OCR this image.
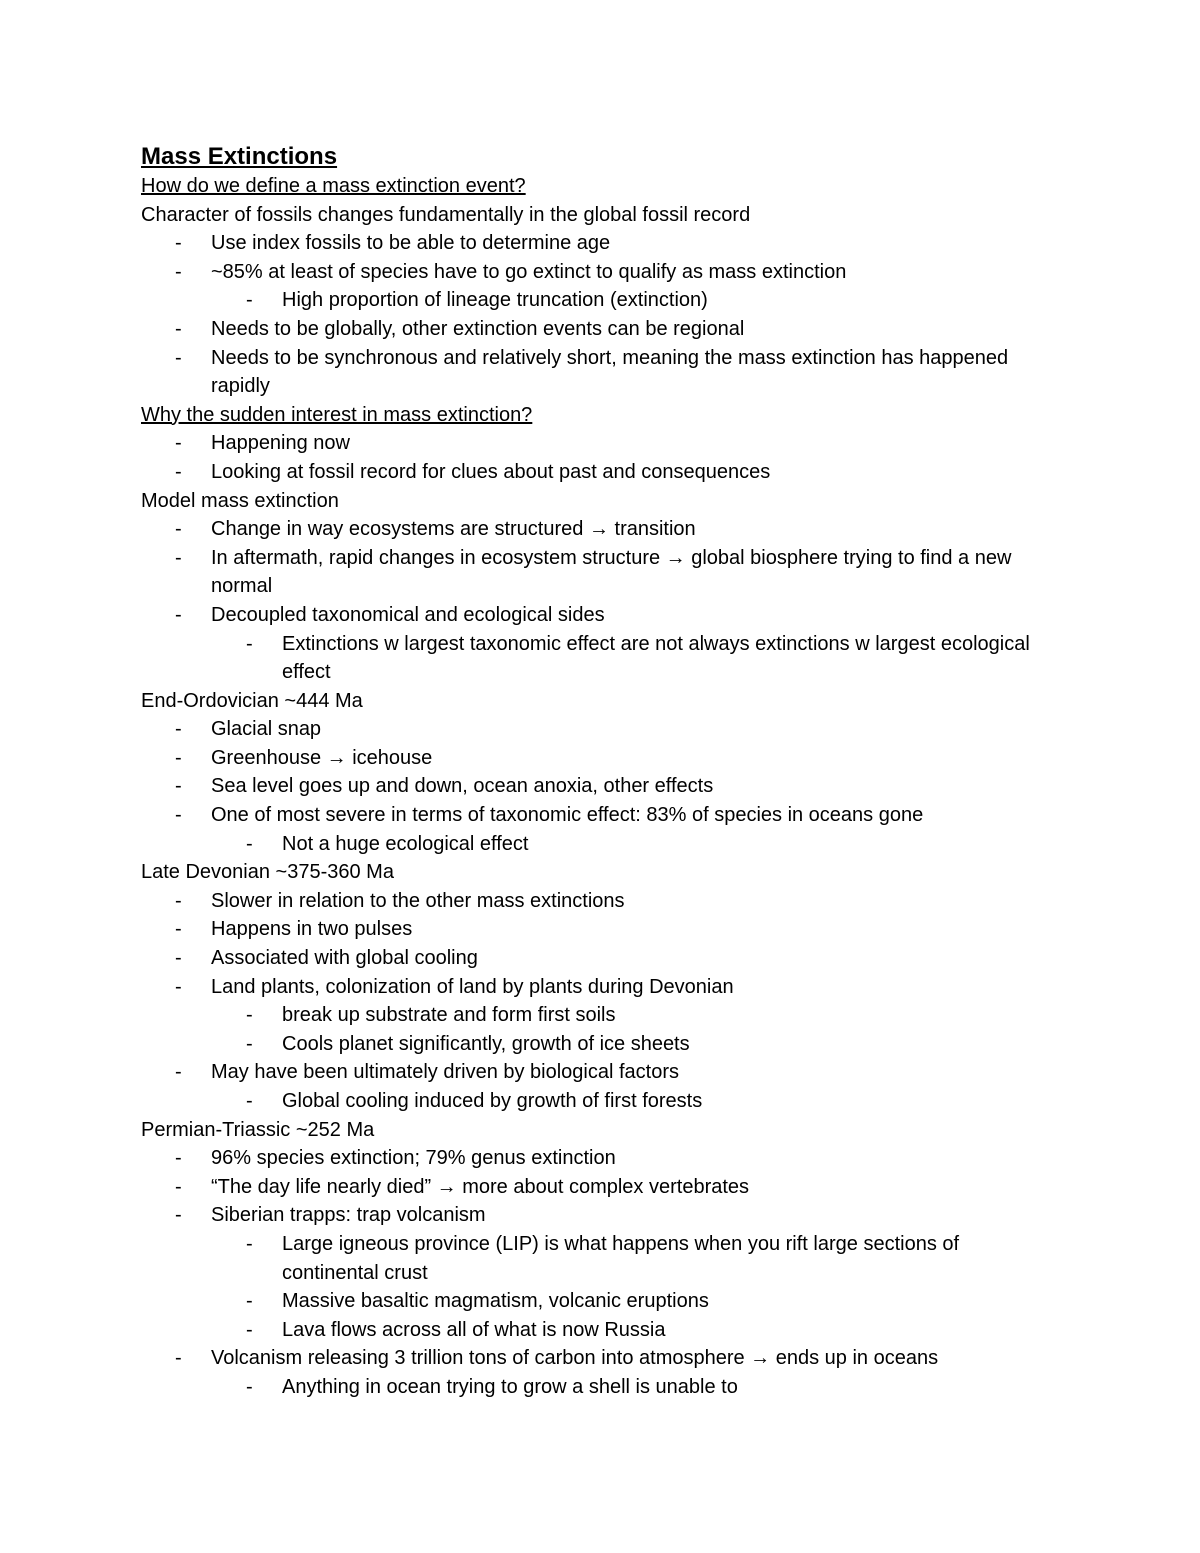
Mass Extinctions

How do we define a mass extinction event?

Character of fossils changes fundamentally in the global fossil record

- Use index fossils to be able to determine age
- ~85% at least of species have to go extinct to qualify as mass extinction
- High proportion of lineage truncation (extinction)
- Needs to be globally, other extinction events can be regional
- Needs to be synchronous and relatively short, meaning the mass extinction has happened rapidly

Why the sudden interest in mass extinction?

- Happening now
- Looking at fossil record for clues about past and consequences

Model mass extinction

- Change in way ecosystems are structured → transition
- In aftermath, rapid changes in ecosystem structure → global biosphere trying to find a new normal
- Decoupled taxonomical and ecological sides
- Extinctions w largest taxonomic effect are not always extinctions w largest ecological effect

End-Ordovician ~444 Ma

- Glacial snap
- Greenhouse → icehouse
- Sea level goes up and down, ocean anoxia, other effects
- One of most severe in terms of taxonomic effect: 83% of species in oceans gone
- Not a huge ecological effect

Late Devonian ~375-360 Ma

- Slower in relation to the other mass extinctions
- Happens in two pulses
- Associated with global cooling
- Land plants, colonization of land by plants during Devonian
- break up substrate and form first soils
- Cools planet significantly, growth of ice sheets
- May have been ultimately driven by biological factors
- Global cooling induced by growth of first forests

Permian-Triassic ~252 Ma

- 96% species extinction; 79% genus extinction
- “The day life nearly died” → more about complex vertebrates
- Siberian trapps: trap volcanism
- Large igneous province (LIP) is what happens when you rift large sections of continental crust
- Massive basaltic magmatism, volcanic eruptions
- Lava flows across all of what is now Russia
- Volcanism releasing 3 trillion tons of carbon into atmosphere → ends up in oceans
- Anything in ocean trying to grow a shell is unable to
